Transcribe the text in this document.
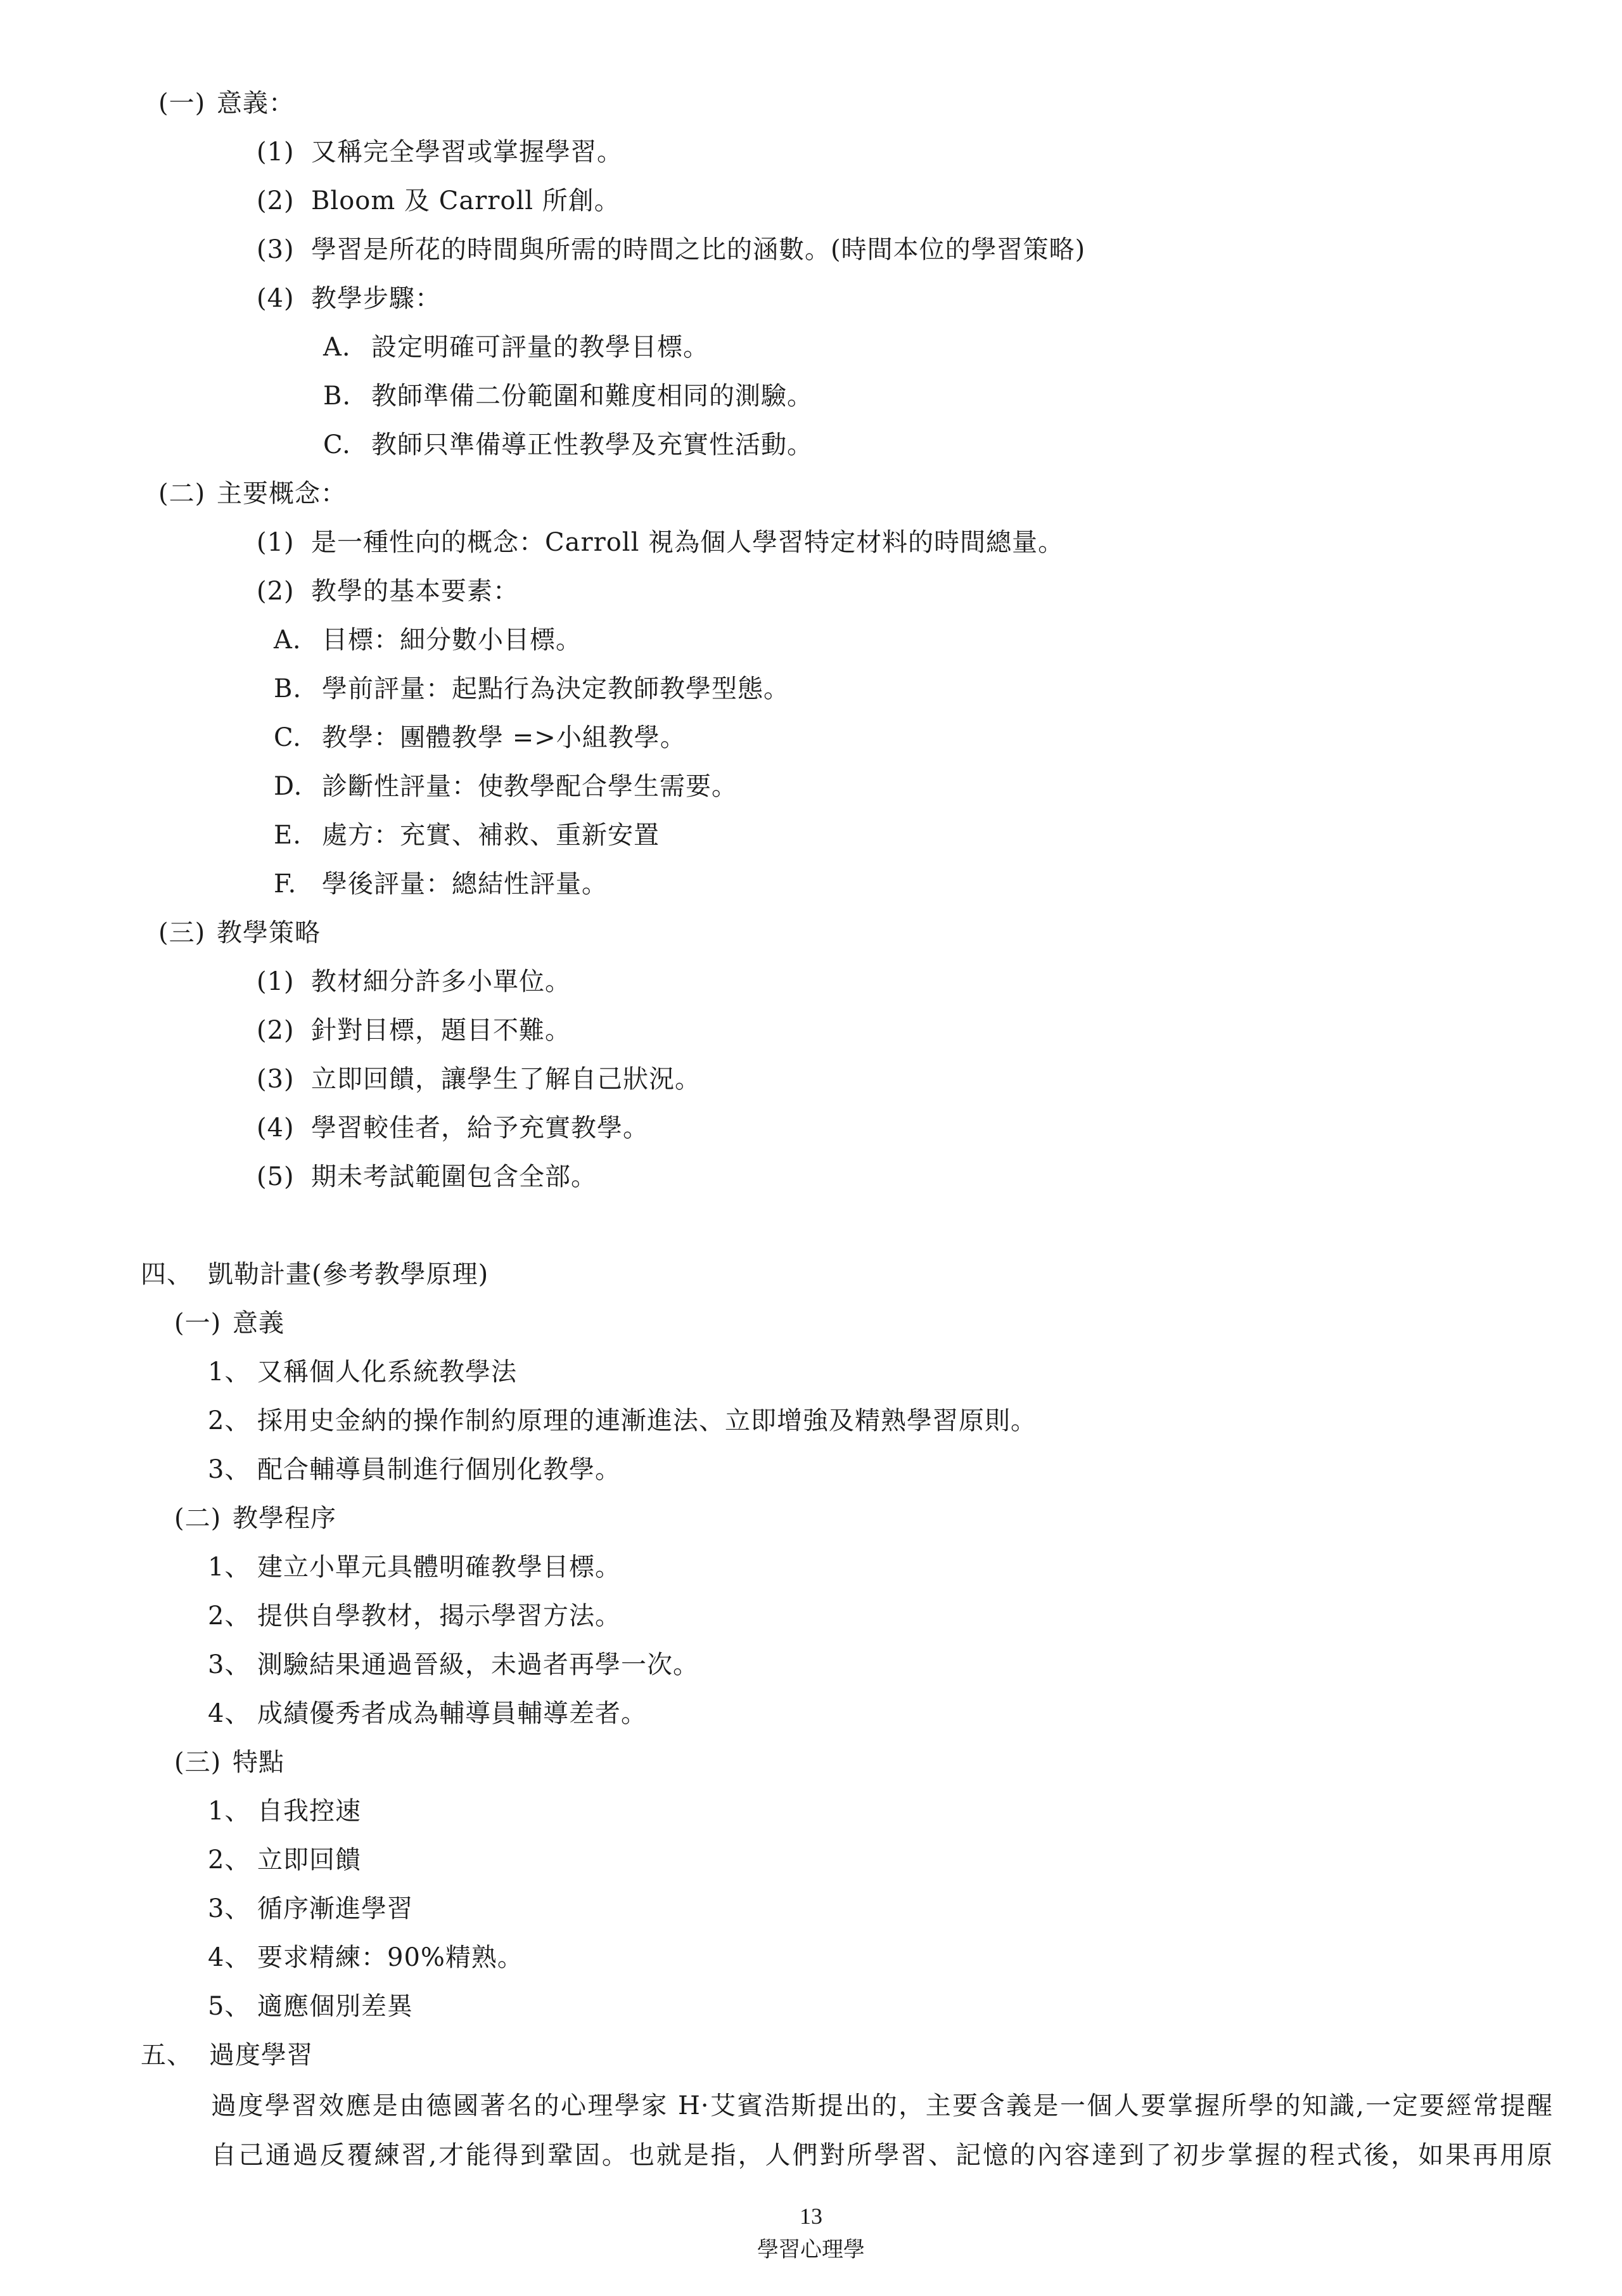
(一) 意義：
(1) 又稱完全學習或掌握學習。
(2) Bloom 及 Carroll 所創。
(3) 學習是所花的時間與所需的時間之比的涵數。(時間本位的學習策略)
(4) 教學步驟：
A. 設定明確可評量的教學目標。
B. 教師準備二份範圍和難度相同的測驗。
C. 教師只準備導正性教學及充實性活動。
(二) 主要概念：
(1) 是一種性向的概念：Carroll 視為個人學習特定材料的時間總量。
(2) 教學的基本要素：
A. 目標：細分數小目標。
B. 學前評量：起點行為決定教師教學型態。
C. 教學：團體教學 =>小組教學。
D. 診斷性評量：使教學配合學生需要。
E. 處方：充實、補救、重新安置
F. 學後評量：總結性評量。
(三) 教學策略
(1) 教材細分許多小單位。
(2) 針對目標，題目不難。
(3) 立即回饋，讓學生了解自己狀況。
(4) 學習較佳者，給予充實教學。
(5) 期未考試範圍包含全部。
四、 凱勒計畫(參考教學原理)
(一) 意義
1、 又稱個人化系統教學法
2、 採用史金納的操作制約原理的連漸進法、立即增強及精熟學習原則。
3、 配合輔導員制進行個別化教學。
(二) 教學程序
1、 建立小單元具體明確教學目標。
2、 提供自學教材，揭示學習方法。
3、 測驗結果通過晉級，未過者再學一次。
4、 成績優秀者成為輔導員輔導差者。
(三) 特點
1、 自我控速
2、 立即回饋
3、 循序漸進學習
4、 要求精練：90%精熟。
5、 適應個別差異
五、 過度學習
過度學習效應是由德國著名的心理學家 H·艾賓浩斯提出的，主要含義是一個人要掌握所學的知識,一定要經常提醒
自己通過反覆練習,才能得到鞏固。也就是指，人們對所學習、記憶的內容達到了初步掌握的程式後，如果再用原
13
學習心理學
